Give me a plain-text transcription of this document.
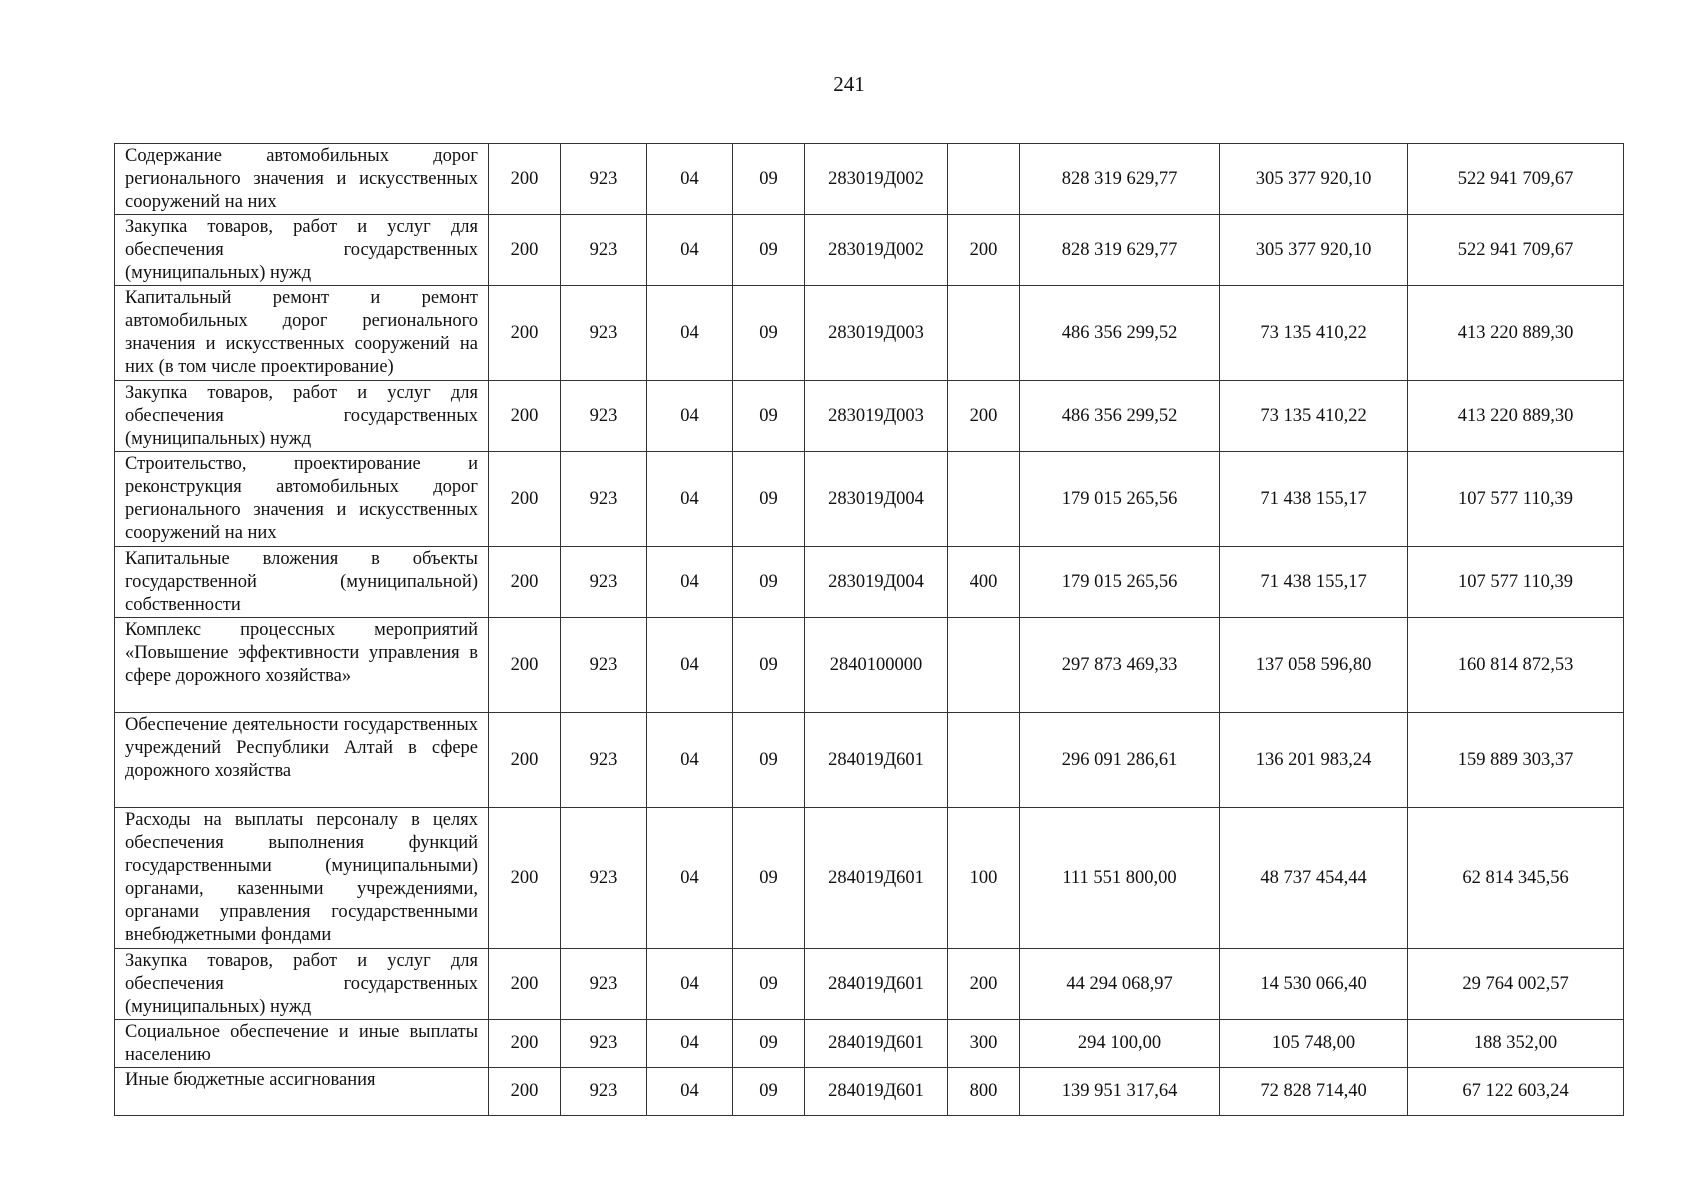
241
Содержание автомобильных дорог регионального значения и искусственных сооружений на них	200	923	04	09	283019Д002		828 319 629,77	305 377 920,10	522 941 709,67
Закупка товаров, работ и услуг для обеспечения государственных (муниципальных) нужд	200	923	04	09	283019Д002	200	828 319 629,77	305 377 920,10	522 941 709,67
Капитальный ремонт и ремонт автомобильных дорог регионального значения и искусственных сооружений на них (в том числе проектирование)	200	923	04	09	283019Д003		486 356 299,52	73 135 410,22	413 220 889,30
Закупка товаров, работ и услуг для обеспечения государственных (муниципальных) нужд	200	923	04	09	283019Д003	200	486 356 299,52	73 135 410,22	413 220 889,30
Строительство, проектирование и реконструкция автомобильных дорог регионального значения и искусственных сооружений на них	200	923	04	09	283019Д004		179 015 265,56	71 438 155,17	107 577 110,39
Капитальные вложения в объекты государственной (муниципальной) собственности	200	923	04	09	283019Д004	400	179 015 265,56	71 438 155,17	107 577 110,39
Комплекс процессных мероприятий «Повышение эффективности управления в сфере дорожного хозяйства»	200	923	04	09	2840100000		297 873 469,33	137 058 596,80	160 814 872,53
Обеспечение деятельности государственных учреждений Республики Алтай в сфере дорожного хозяйства	200	923	04	09	284019Д601		296 091 286,61	136 201 983,24	159 889 303,37
Расходы на выплаты персоналу в целях обеспечения выполнения функций государственными (муниципальными) органами, казенными учреждениями, органами управления государственными внебюджетными фондами	200	923	04	09	284019Д601	100	111 551 800,00	48 737 454,44	62 814 345,56
Закупка товаров, работ и услуг для обеспечения государственных (муниципальных) нужд	200	923	04	09	284019Д601	200	44 294 068,97	14 530 066,40	29 764 002,57
Социальное обеспечение и иные выплаты населению	200	923	04	09	284019Д601	300	294 100,00	105 748,00	188 352,00
Иные бюджетные ассигнования	200	923	04	09	284019Д601	800	139 951 317,64	72 828 714,40	67 122 603,24
